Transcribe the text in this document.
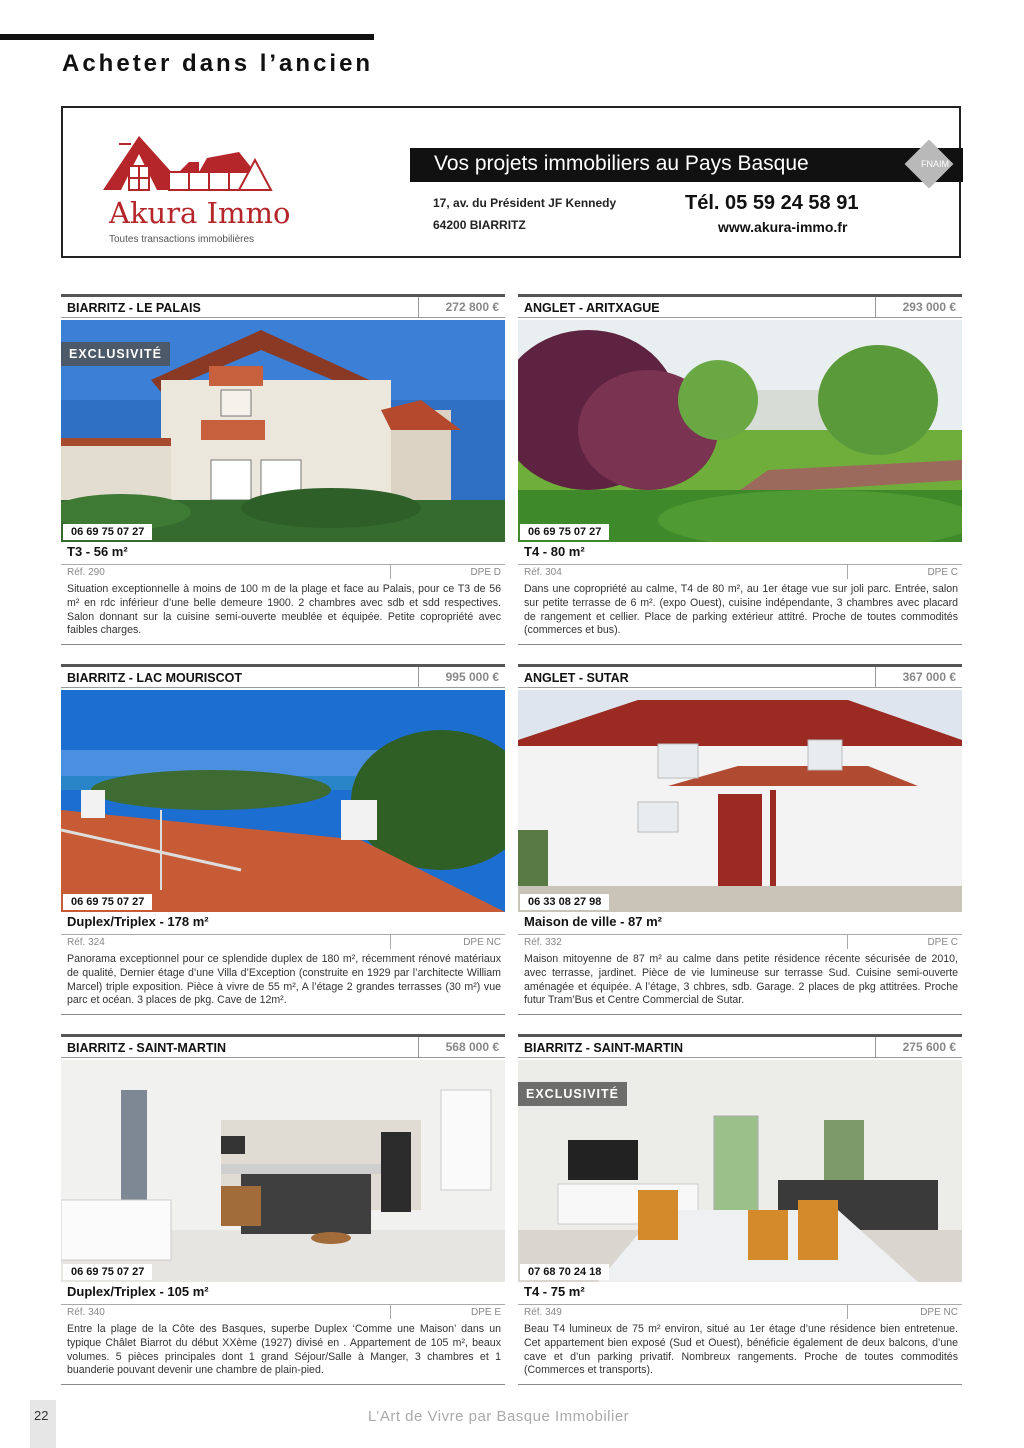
Acheter dans l’ancien
Akura Immo
Toutes transactions immobilières
Vos projets immobiliers au Pays Basque	FNAIM
17, av. du Président JF Kennedy
64200 BIARRITZ
Tél. 05 59 24 58 91
www.akura-immo.fr
BIARRITZ - LE PALAIS	272 800 €
EXCLUSIVITÉ
06 69 75 07 27
T3 - 56 m²
Réf. 290	DPE D
Situation exceptionnelle à moins de 100 m de la plage et face au Palais, pour ce T3 de 56 m² en rdc inférieur d’une belle demeure 1900. 2 chambres avec sdb et sdd respectives. Salon donnant sur la cuisine semi-ouverte meublée et équipée. Petite copropriété avec faibles charges.
ANGLET - ARITXAGUE	293 000 €
06 69 75 07 27
T4 - 80 m²
Réf. 304	DPE C
Dans une copropriété au calme, T4 de 80 m², au 1er étage vue sur joli parc. Entrée, salon sur petite terrasse de 6 m². (expo Ouest), cuisine indépendante, 3 chambres avec placard de rangement et cellier. Place de parking extérieur attitré. Proche de toutes commodités (commerces et bus).
BIARRITZ - LAC MOURISCOT	995 000 €
06 69 75 07 27
Duplex/Triplex - 178 m²
Réf. 324	DPE NC
Panorama exceptionnel pour ce splendide duplex de 180 m², récemment rénové matériaux de qualité, Dernier étage d’une Villa d’Exception (construite en 1929 par l’architecte William Marcel) triple exposition. Pièce à vivre de 55 m², A l’étage 2 grandes terrasses (30 m²) vue parc et océan. 3 places de pkg. Cave de 12m².
ANGLET - SUTAR	367 000 €
06 33 08 27 98
Maison de ville - 87 m²
Réf. 332	DPE C
Maison mitoyenne de 87 m² au calme dans petite résidence récente sécurisée de 2010, avec terrasse, jardinet. Pièce de vie lumineuse sur terrasse Sud. Cuisine semi-ouverte aménagée et équipée. A l’étage, 3 chbres, sdb. Garage. 2 places de pkg attitrées. Proche futur Tram’Bus et Centre Commercial de Sutar.
BIARRITZ - SAINT-MARTIN	568 000 €
06 69 75 07 27
Duplex/Triplex - 105 m²
Réf. 340	DPE E
Entre la plage de la Côte des Basques, superbe Duplex ‘Comme une Maison’ dans un typique Châlet Biarrot du début XXème (1927) divisé en . Appartement de 105 m², beaux volumes. 5 pièces principales dont 1 grand Séjour/Salle à Manger, 3 chambres et 1 buanderie pouvant devenir une chambre de plain-pied.
BIARRITZ - SAINT-MARTIN	275 600 €
EXCLUSIVITÉ
07 68 70 24 18
T4 - 75 m²
Réf. 349	DPE NC
Beau T4 lumineux de 75 m² environ, situé au 1er étage d’une résidence bien entretenue. Cet appartement bien exposé (Sud et Ouest), bénéficie également de deux balcons, d’une cave et d’un parking privatif. Nombreux rangements. Proche de toutes commodités (Commerces et transports).
22	L’Art de Vivre par Basque Immobilier
